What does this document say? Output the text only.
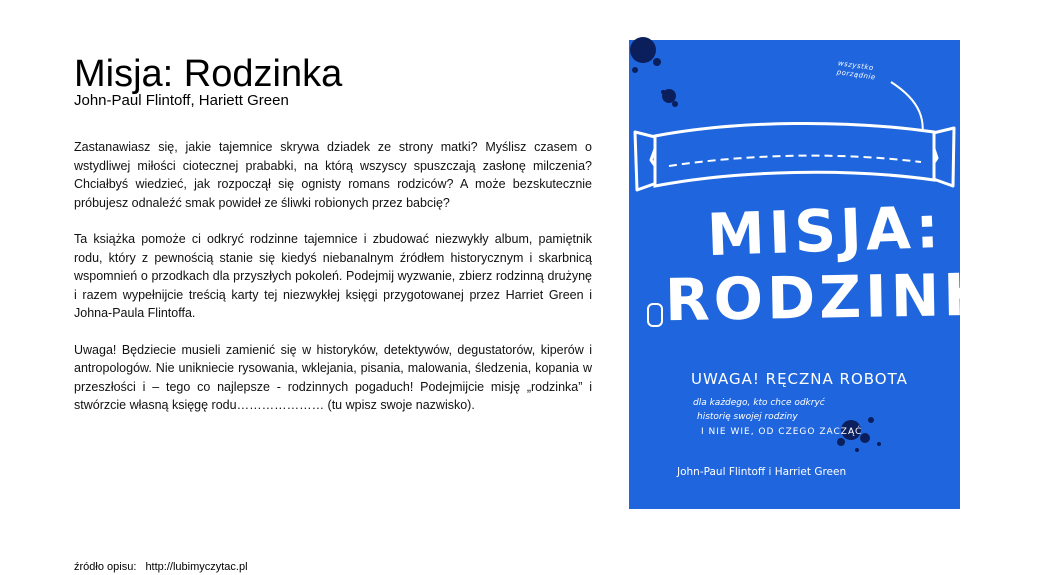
Misja: Rodzinka
John-Paul Flintoff, Hariett Green

Zastanawiasz się, jakie tajemnice skrywa dziadek ze strony matki? Myślisz czasem o wstydliwej miłości ciotecznej prababki, na którą wszyscy spuszczają zasłonę milczenia? Chciałbyś wiedzieć, jak rozpoczął się ognisty romans rodziców? A może bezskutecznie próbujesz odnaleźć smak powideł ze śliwki robionych przez babcię?

Ta książka pomoże ci odkryć rodzinne tajemnice i zbudować niezwykły album, pamiętnik rodu, który z pewnością stanie się kiedyś niebanalnym źródłem historycznym i skarbnicą wspomnień o przodkach dla przyszłych pokoleń. Podejmij wyzwanie, zbierz rodzinną drużynę i razem wypełnijcie treścią karty tej niezwykłej księgi przygotowanej przez Harriet Green i Johna-Paula Flintoffa.

Uwaga! Będziecie musieli zamienić się w historyków, detektywów, degustatorów, kiperów i antropologów. Nie unikniecie rysowania, wklejania, pisania, malowania, śledzenia, kopania w przeszłości i – tego co najlepsze - rodzinnych pogaduch! Podejmijcie misję „rodzinka” i stwórzcie własną księgę rodu………………… (tu wpisz swoje nazwisko).

źródło opisu: http://lubimyczytac.pl
wszystko porządnie
MISJA:
RODZINKA
UWAGA! RĘCZNA ROBOTA
dla każdego, kto chce odkryć
historię swojej rodziny
I NIE WIE, OD CZEGO ZACZĄĆ
John-Paul Flintoff i Harriet Green
